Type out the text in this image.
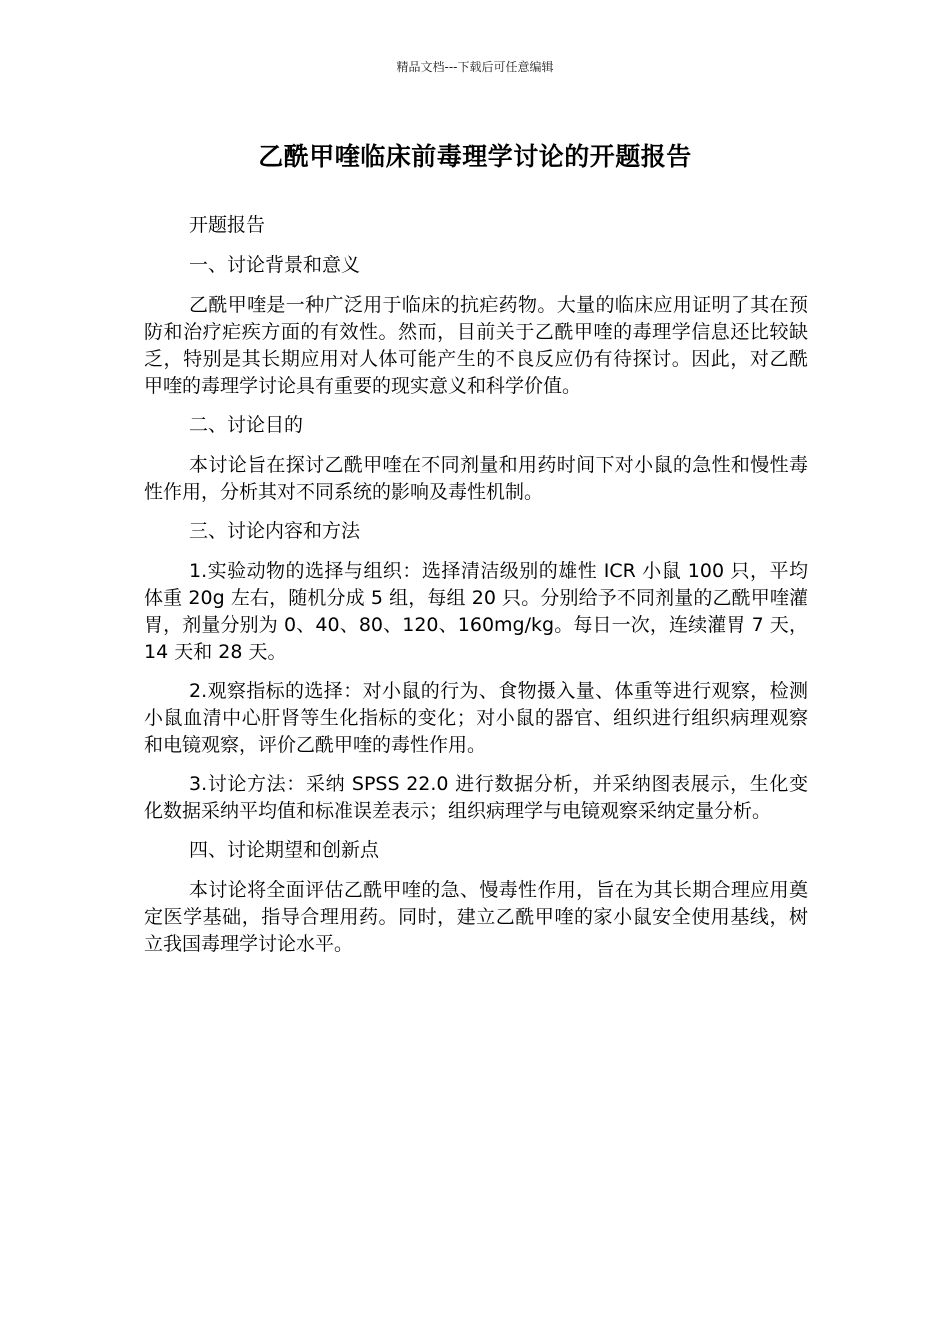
精品文档---下载后可任意编辑
乙酰甲喹临床前毒理学讨论的开题报告

开题报告

一、讨论背景和意义

乙酰甲喹是一种广泛用于临床的抗疟药物。大量的临床应用证明了其在预防和治疗疟疾方面的有效性。然而，目前关于乙酰甲喹的毒理学信息还比较缺乏，特别是其长期应用对人体可能产生的不良反应仍有待探讨。因此，对乙酰甲喹的毒理学讨论具有重要的现实意义和科学价值。

二、讨论目的

本讨论旨在探讨乙酰甲喹在不同剂量和用药时间下对小鼠的急性和慢性毒性作用，分析其对不同系统的影响及毒性机制。

三、讨论内容和方法

1.实验动物的选择与组织：选择清洁级别的雄性 ICR 小鼠 100 只，平均体重 20g 左右，随机分成 5 组，每组 20 只。分别给予不同剂量的乙酰甲喹灌胃，剂量分别为 0、40、80、120、160mg/kg。每日一次，连续灌胃 7 天，14 天和 28 天。

2.观察指标的选择：对小鼠的行为、食物摄入量、体重等进行观察，检测小鼠血清中心肝肾等生化指标的变化；对小鼠的器官、组织进行组织病理观察和电镜观察，评价乙酰甲喹的毒性作用。

3.讨论方法：采纳 SPSS 22.0 进行数据分析，并采纳图表展示，生化变化数据采纳平均值和标准误差表示；组织病理学与电镜观察采纳定量分析。

四、讨论期望和创新点

本讨论将全面评估乙酰甲喹的急、慢毒性作用，旨在为其长期合理应用奠定医学基础，指导合理用药。同时，建立乙酰甲喹的家小鼠安全使用基线，树立我国毒理学讨论水平。
